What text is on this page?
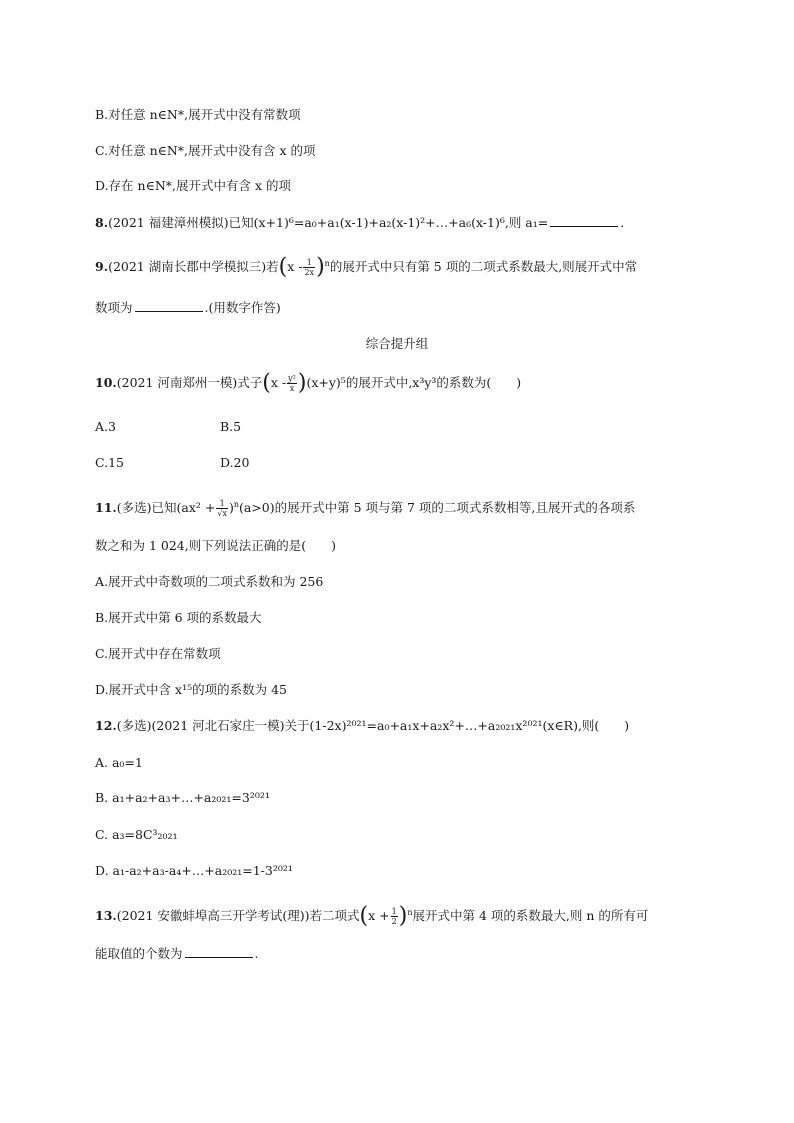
B.对任意 n∈N*,展开式中没有常数项
C.对任意 n∈N*,展开式中没有含 x 的项
D.存在 n∈N*,展开式中有含 x 的项
8.(2021 福建漳州模拟)已知(x+1)⁶=a₀+a₁(x-1)+a₂(x-1)²+…+a₆(x-1)⁶,则 a₁=	.
9.(2021 湖南长郡中学模拟三)若$(x - \frac{1}{2x} )^n$的展开式中只有第 5 项的二项式系数最大,则展开式中常
数项为	.(用数字作答)
综合提升组
10.(2021 河南郑州一模)式子$(x - \frac{\text{y²}}{x} )(x+y)^5$的展开式中,x³y³的系数为(　　)
A.3	B.5
C.15	D.20
11.(多选)已知$(ax^2 + \frac{1}{√x} )^n(a>0)$的展开式中第 5 项与第 7 项的二项式系数相等,且展开式的各项系
数之和为 1 024,则下列说法正确的是(　　)
A.展开式中奇数项的二项式系数和为 256
B.展开式中第 6 项的系数最大
C.展开式中存在常数项
D.展开式中含 x¹⁵的项的系数为 45
12.(多选)(2021 河北石家庄一模)关于(1-2x)²⁰²¹=a₀+a₁x+a₂x²+…+a₂₀₂₁x²⁰²¹(x∈R),则(　　)
A. a₀=1
B. a₁+a₂+a₃+…+a₂₀₂₁=3²⁰²¹
C. a₃=8C³₂₀₂₁
D. a₁-a₂+a₃-a₄+…+a₂₀₂₁=1-3²⁰²¹
13.(2021 安徽蚌埠高三开学考试(理))若二项式$(x + \frac{1}{2} )^n$展开式中第 4 项的系数最大,则 n 的所有可
能取值的个数为	.
